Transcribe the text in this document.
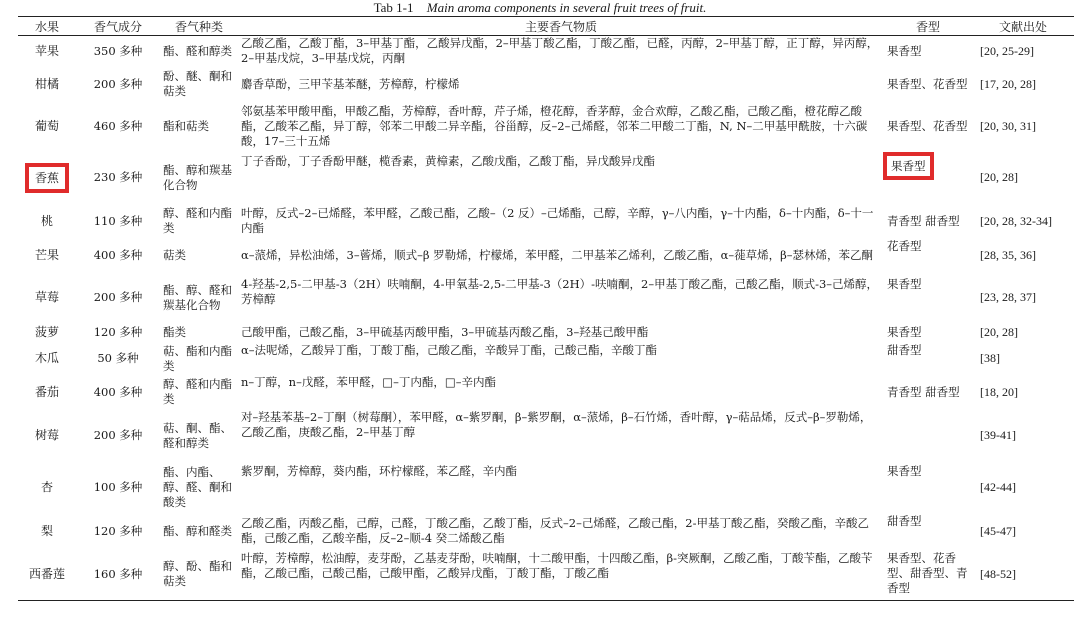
Tab 1-1 Main aroma components in several fruit trees of fruit.
水果	香气成分	香气种类	主要香气物质	香型	文献出处
苹果	350 多种	酯、醛和醇类	乙酸乙酯，乙酸丁酯，3–甲基丁酯，乙酸异戊酯，2–甲基丁酸乙酯，丁酸乙酯，已醛，丙醇，2–甲基丁醇，正丁醇，异丙醇，2–甲基戊烷，3–甲基戊烷，丙酮	果香型	[20, 25-29]
柑橘	200 多种	酚、醚、酮和萜类	麝香草酚，三甲苄基苯醚，芳樟醇，柠檬烯	果香型、花香型	[17, 20, 28]
葡萄	460 多种	酯和萜类	邻氨基苯甲酸甲酯，甲酸乙酯，芳樟醇，香叶醇，芹子烯，橙花醇，香茅醇，金合欢醇，乙酸乙酯，己酸乙酯，橙花醇乙酸酯，乙酸苯乙酯，异丁醇，邻苯二甲酸二异辛酯，谷甾醇，反–2–己烯醛，邻苯二甲酸二丁酯，N, N–二甲基甲酰胺，十六碳酸，17–三十五烯	果香型、花香型	[20, 30, 31]
香蕉	230 多种	酯、醇和羰基化合物	丁子香酚，丁子香酚甲醚，榄香素，黄樟素，乙酸戊酯，乙酸丁酯，异戊酸异戊酯	果香型	[20, 28]
桃	110 多种	醇、醛和内酯类	叶醇，反式–2–已烯醛，苯甲醛，乙酸己酯，乙酸–（2 反）–己烯酯，己醇，辛醇，γ–八内酯，γ–十内酯，δ–十内酯，δ–十一内酯	青香型 甜香型	[20, 28, 32-34]
芒果	400 多种	萜类	α–蒎烯，异松油烯，3–蒈烯，顺式–β 罗勒烯，柠檬烯，苯甲醛，二甲基苯乙烯利，乙酸乙酯，α–蓰草烯，β–瑟林烯，苯乙酮	花香型	[28, 35, 36]
草莓	200 多种	酯、醇、醛和羰基化合物	4-羟基-2,5-二甲基-3（2H）呋喃酮，4-甲氧基-2,5-二甲基-3（2H）-呋喃酮，2–甲基丁酸乙酯，己酸乙酯，顺式-3–己烯醇，芳樟醇	果香型	[23, 28, 37]
菠萝	120 多种	酯类	己酸甲酯，己酸乙酯，3–甲硫基丙酸甲酯，3–甲硫基丙酸乙酯，3–羟基己酸甲酯	果香型	[20, 28]
木瓜	50 多种	萜、酯和内酯类	α–法呢烯，乙酸异丁酯，丁酸丁酯，己酸乙酯，辛酸异丁酯，己酸己酯，辛酸丁酯	甜香型	[38]
番茄	400 多种	醇、醛和内酯类	n–丁醇，n–戊醛，苯甲醛，□–丁内酯，□–辛内酯	青香型 甜香型	[18, 20]
树莓	200 多种	萜、酮、酯、醛和醇类	对–羟基苯基–2–丁酮（树莓酮），苯甲醛，α–紫罗酮，β–紫罗酮，α–蒎烯，β–石竹烯，香叶醇，γ–萜品烯，反式–β–罗勒烯，乙酸乙酯，庚酸乙酯，2–甲基丁醇		[39-41]
杏	100 多种	酯、内酯、醇、醛、酮和酸类	紫罗酮，芳樟醇，葵内酯，环柠檬醛，苯乙醛，辛内酯	果香型	[42-44]
梨	120 多种	酯、醇和醛类	乙酸乙酯，丙酸乙酯，己醇，己醛，丁酸乙酯，乙酸丁酯，反式–2–己烯醛，乙酸己酯，2-甲基丁酸乙酯，癸酸乙酯，辛酸乙酯，己酸乙酯，乙酸辛酯，反–2–顺-4 癸二烯酸乙酯	甜香型	[45-47]
西番莲	160 多种	醇、酚、酯和萜类	叶醇，芳樟醇，松油醇，麦芽酚，乙基麦芽酚，呋喃酮，十二酸甲酯，十四酸乙酯，β-突厥酮，乙酸乙酯，丁酸苄酯，乙酸苄酯，乙酸己酯，己酸己酯，己酸甲酯，乙酸异戊酯，丁酸丁酯，丁酸乙酯	果香型、花香型、甜香型、青香型	[48-52]
